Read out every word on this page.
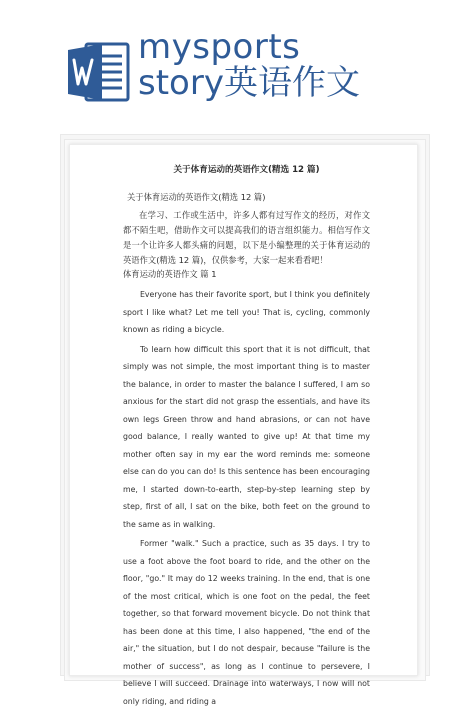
mysports
story英语作文

关于体育运动的英语作文(精选 12 篇)

关于体育运动的英语作文(精选 12 篇)

在学习、工作或生活中，许多人都有过写作文的经历，对作文都不陌生吧，借助作文可以提高我们的语言组织能力。相信写作文是一个让许多人都头痛的问题，以下是小编整理的关于体育运动的英语作文(精选 12 篇)，仅供参考，大家一起来看看吧！

体育运动的英语作文 篇 1

Everyone has their favorite sport, but I think you definitely sport I like what? Let me tell you! That is, cycling, commonly known as riding a bicycle.

To learn how difficult this sport that it is not difficult, that simply was not simple, the most important thing is to master the balance, in order to master the balance I suffered, I am so anxious for the start did not grasp the essentials, and have its own legs Green throw and hand abrasions, or can not have good balance, I really wanted to give up! At that time my mother often say in my ear the word reminds me: someone else can do you can do! Is this sentence has been encouraging me, I started down-to-earth, step-by-step learning step by step, first of all, I sat on the bike, both feet on the ground to the same as in walking.

Former "walk." Such a practice, such as 35 days. I try to use a foot above the foot board to ride, and the other on the floor, "go." It may do 12 weeks training. In the end, that is one of the most critical, which is one foot on the pedal, the feet together, so that forward movement bicycle. Do not think that has been done at this time, I also happened, "the end of the air," the situation, but I do not despair, because "failure is the mother of success", as long as I continue to persevere, I believe I will succeed. Drainage into waterways, I now will not only riding, and riding a
